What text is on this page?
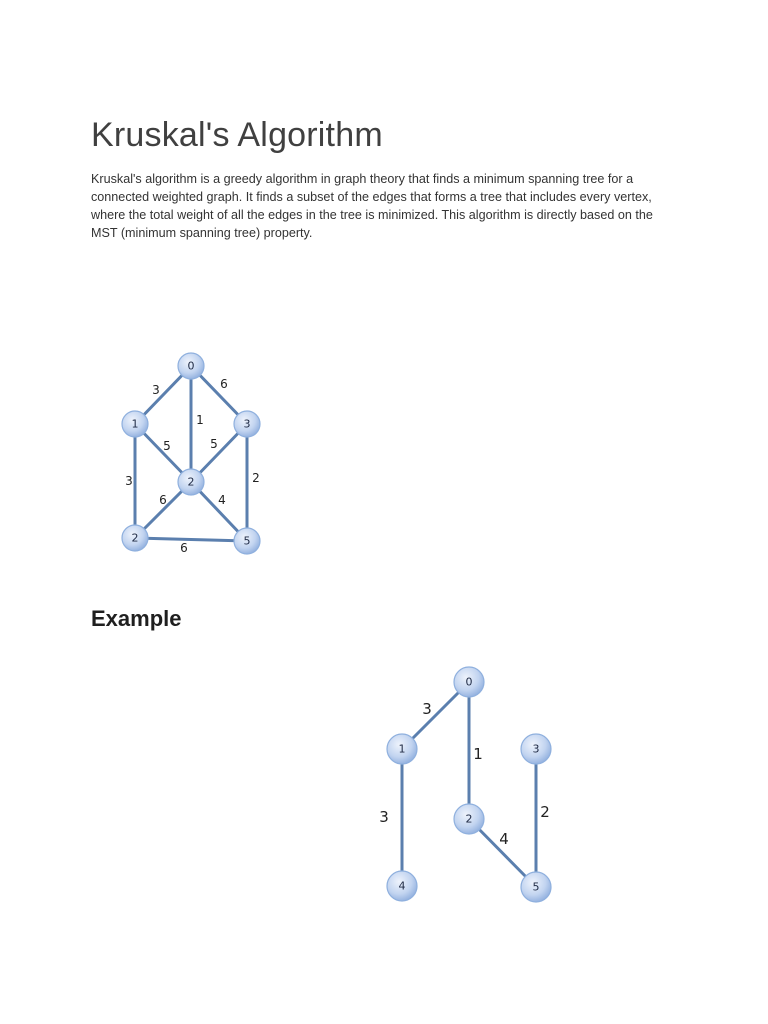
Kruskal's Algorithm

Kruskal's algorithm is a greedy algorithm in graph theory that finds a minimum spanning tree for a connected weighted graph. It finds a subset of the edges that forms a tree that includes every vertex, where the total weight of all the edges in the tree is minimized. This algorithm is directly based on the MST (minimum spanning tree) property.

3	6
1
5	5
3	2
6	4
6
0
1
2
3
2	5
3
1
3	2
4
0
1	3
2
4	5
Example
